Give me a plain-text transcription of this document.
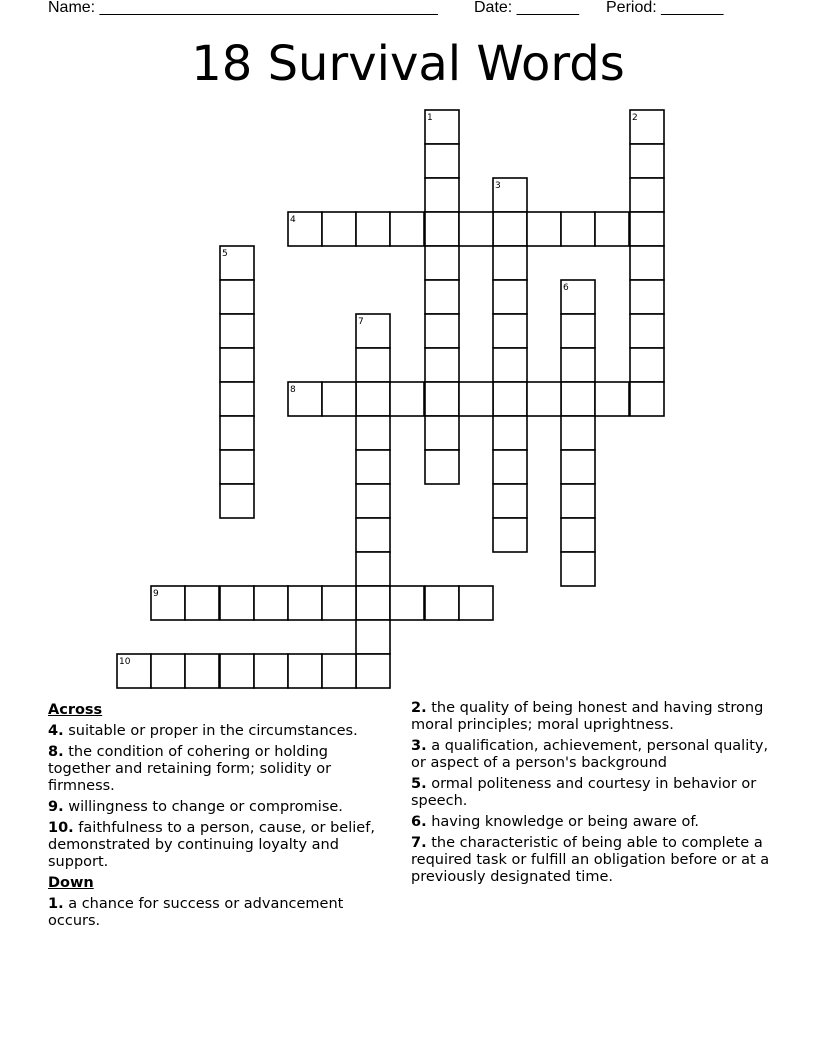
Name: ______________________________________ Date: _______ Period: _______
18 Survival Words
1	2
3
4
5
6
7
8
9
10
Across
4. suitable or proper in the circumstances.
8. the condition of cohering or holding together and retaining form; solidity or firmness.
9. willingness to change or compromise.
10. faithfulness to a person, cause, or belief, demonstrated by continuing loyalty and support.
Down
1. a chance for success or advancement occurs.
2. the quality of being honest and having strong moral principles; moral uprightness.
3. a qualification, achievement, personal quality, or aspect of a person's background
5. ormal politeness and courtesy in behavior or speech.
6. having knowledge or being aware of.
7. the characteristic of being able to complete a required task or fulfill an obligation before or at a previously designated time.
